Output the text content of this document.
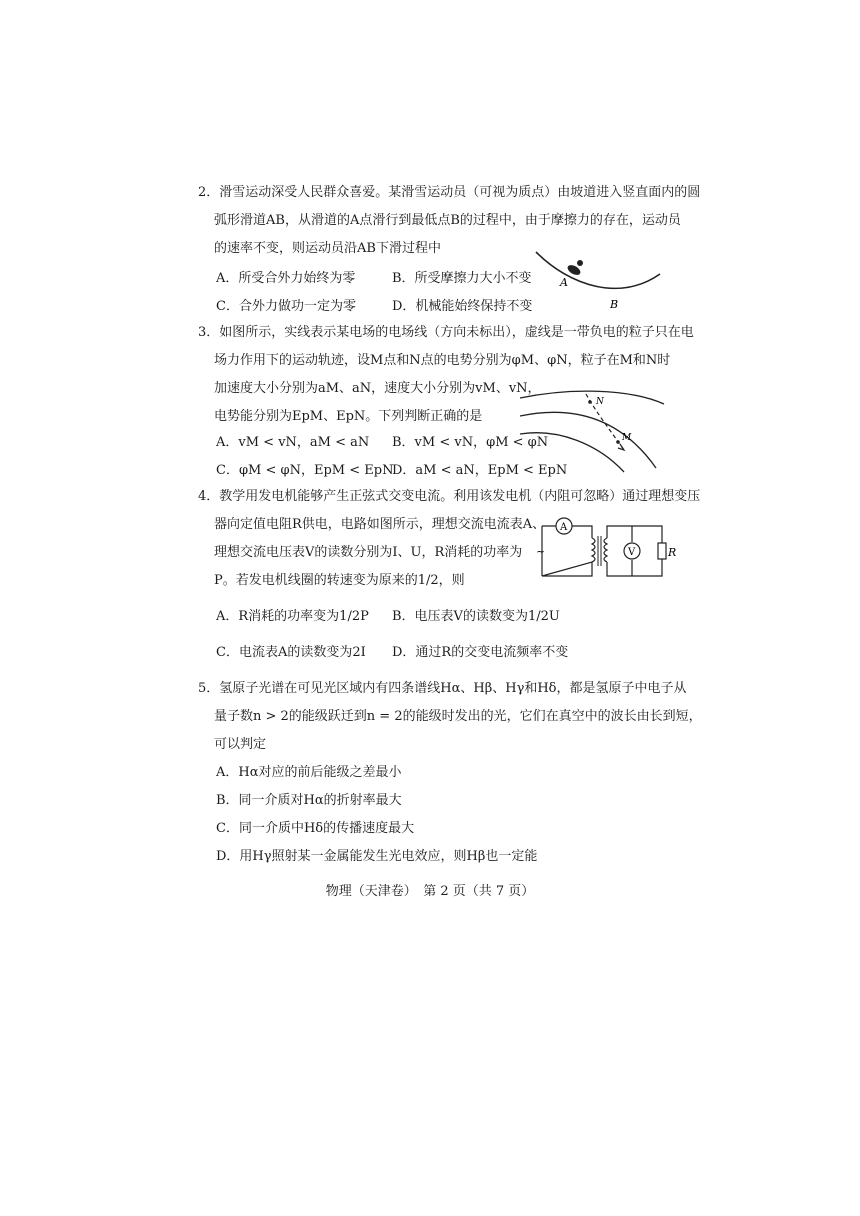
2．滑雪运动深受人民群众喜爱。某滑雪运动员（可视为质点）由坡道进入竖直面内的圆
弧形滑道AB，从滑道的A点滑行到最低点B的过程中，由于摩擦力的存在，运动员
的速率不变，则运动员沿AB下滑过程中
A．所受合外力始终为零	B．所受摩擦力大小不变
C．合外力做功一定为零	D．机械能始终保持不变
A
B
3．如图所示，实线表示某电场的电场线（方向未标出），虚线是一带负电的粒子只在电
场力作用下的运动轨迹，设M点和N点的电势分别为φM、φN，粒子在M和N时
加速度大小分别为aM、aN，速度大小分别为vM、vN，
电势能分别为EpM、EpN。下列判断正确的是
A．vM < vN，aM < aN B．vM < vN，φM < φN
C．φM < φN，EpM < EpN
D．aM < aN，EpM < EpN
N
M
4．教学用发电机能够产生正弦式交变电流。利用该发电机（内阻可忽略）通过理想变压
器向定值电阻R供电，电路如图所示，理想交流电流表A、
理想交流电压表V的读数分别为I、U，R消耗的功率为
P。若发电机线圈的转速变为原来的1/2，则
A．R消耗的功率变为1/2P B．电压表V的读数变为1/2U
C．电流表A的读数变为2I D．通过R的交变电流频率不变
A
~	V	R
5．氢原子光谱在可见光区域内有四条谱线Hα、Hβ、Hγ和Hδ，都是氢原子中电子从
量子数n > 2的能级跃迁到n = 2的能级时发出的光，它们在真空中的波长由长到短，
可以判定
A．Hα对应的前后能级之差最小
B．同一介质对Hα的折射率最大
C．同一介质中Hδ的传播速度最大
D．用Hγ照射某一金属能发生光电效应，则Hβ也一定能
物理（天津卷）　第 2 页（共 7 页）
